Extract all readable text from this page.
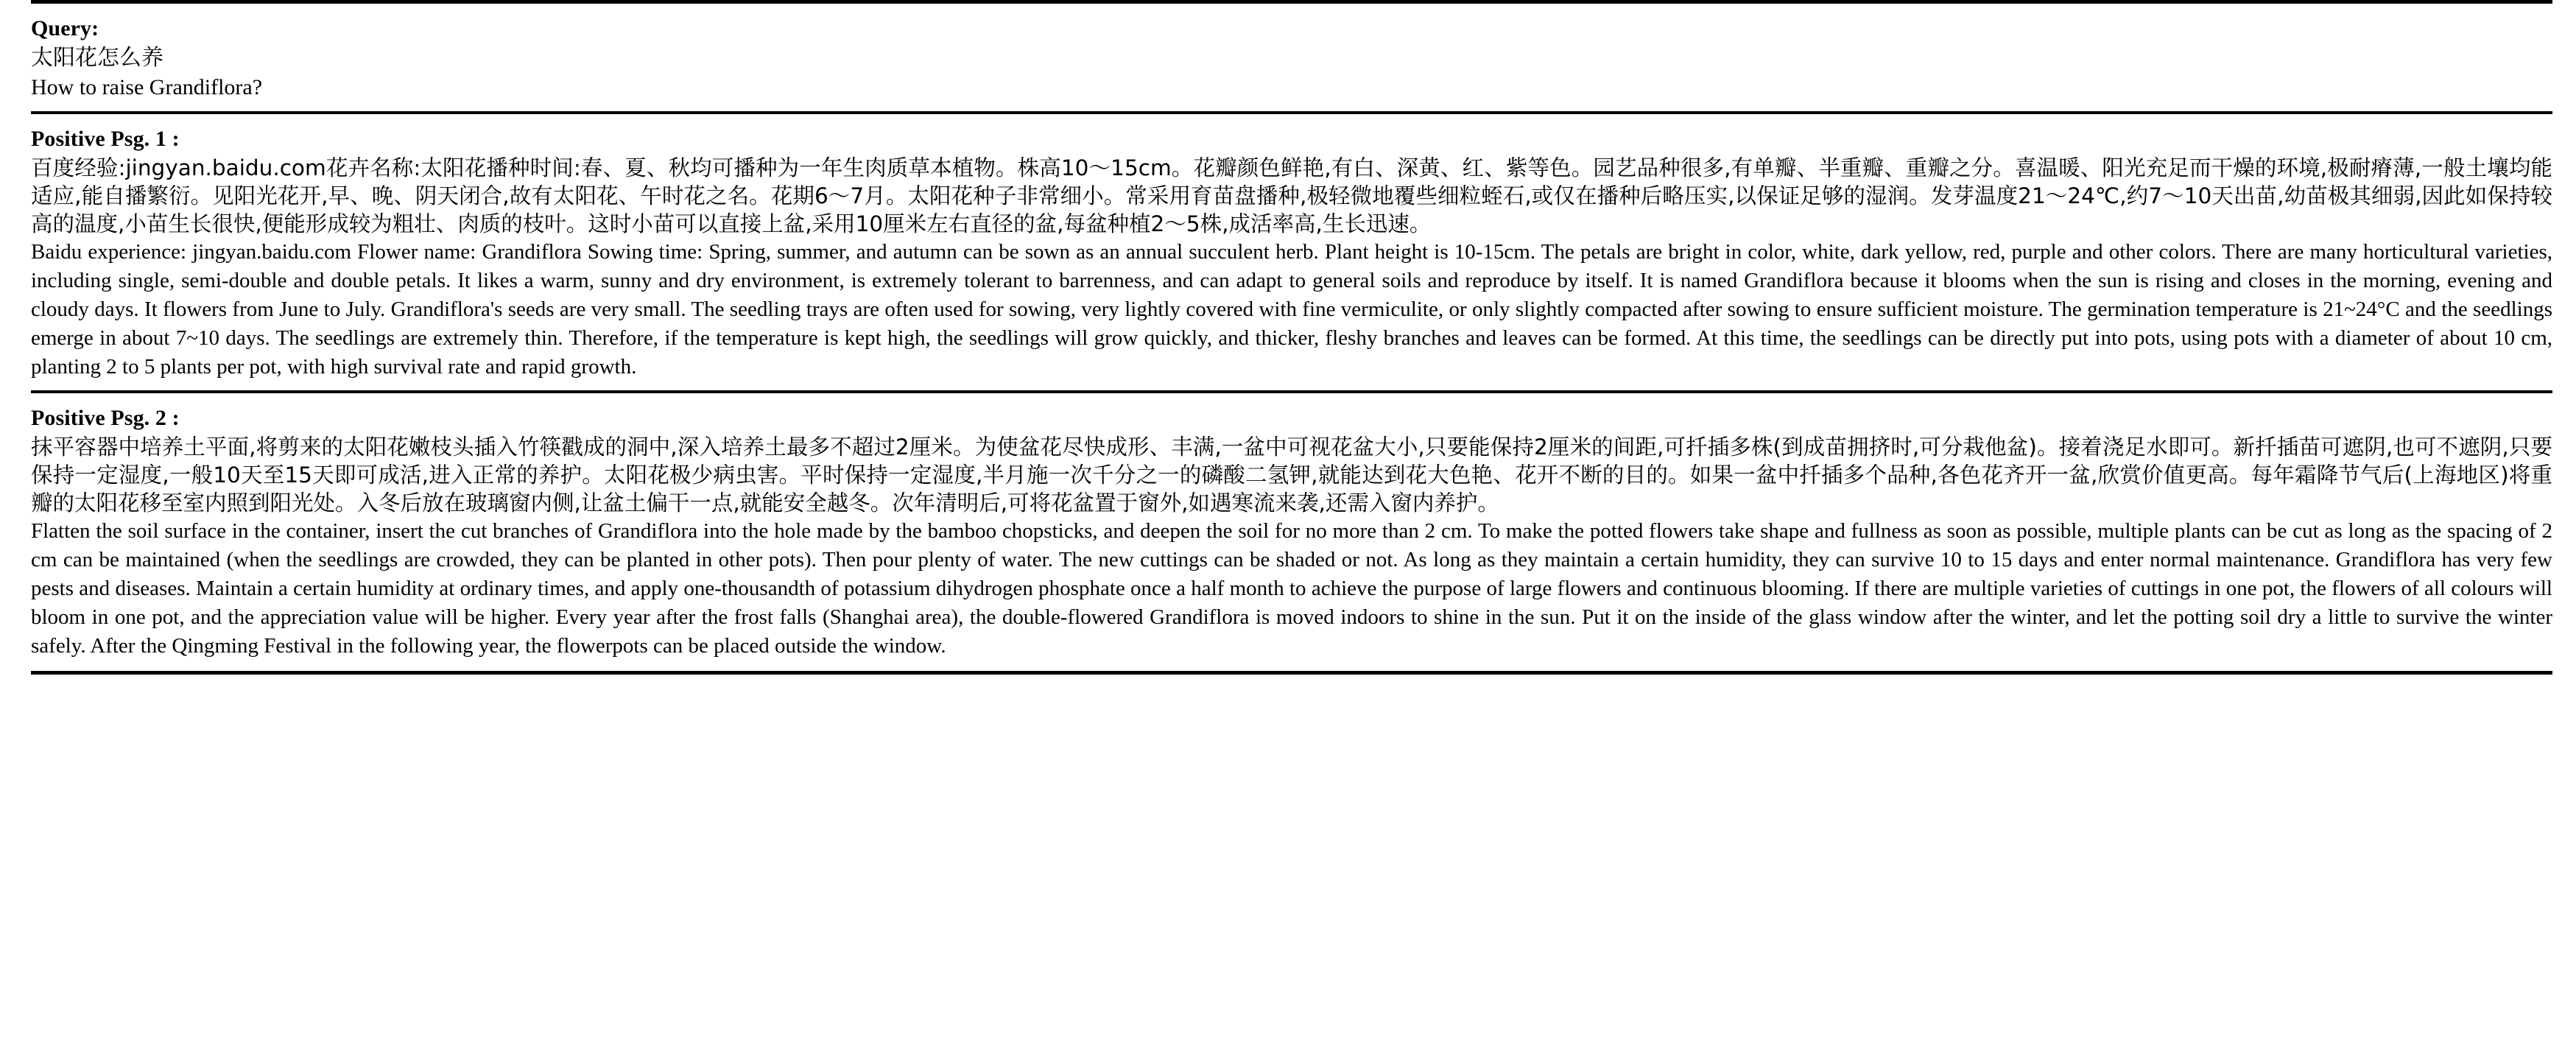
Query:

太阳花怎么养

How to raise Grandiflora?

Positive Psg. 1 :

百度经验:jingyan.baidu.com花卉名称:太阳花播种时间:春、夏、秋均可播种为一年生肉质草本植物。株高10～15cm。花瓣颜色鲜艳,有白、深黄、红、紫等色。园艺品种很多,有单瓣、半重瓣、重瓣之分。喜温暖、阳光充足而干燥的环境,极耐瘠薄,一般土壤均能适应,能自播繁衍。见阳光花开,早、晚、阴天闭合,故有太阳花、午时花之名。花期6～7月。太阳花种子非常细小。常采用育苗盘播种,极轻微地覆些细粒蛭石,或仅在播种后略压实,以保证足够的湿润。发芽温度21～24℃,约7～10天出苗,幼苗极其细弱,因此如保持较高的温度,小苗生长很快,便能形成较为粗壮、肉质的枝叶。这时小苗可以直接上盆,采用10厘米左右直径的盆,每盆种植2～5株,成活率高,生长迅速。

Baidu experience: jingyan.baidu.com Flower name: Grandiflora Sowing time: Spring, summer, and autumn can be sown as an annual succulent herb. Plant height is 10-15cm. The petals are bright in color, white, dark yellow, red, purple and other colors. There are many horticultural varieties, including single, semi-double and double petals. It likes a warm, sunny and dry environment, is extremely tolerant to barrenness, and can adapt to general soils and reproduce by itself. It is named Grandiflora because it blooms when the sun is rising and closes in the morning, evening and cloudy days. It flowers from June to July. Grandiflora's seeds are very small. The seedling trays are often used for sowing, very lightly covered with fine vermiculite, or only slightly compacted after sowing to ensure sufficient moisture. The germination temperature is 21~24°C and the seedlings emerge in about 7~10 days. The seedlings are extremely thin. Therefore, if the temperature is kept high, the seedlings will grow quickly, and thicker, fleshy branches and leaves can be formed. At this time, the seedlings can be directly put into pots, using pots with a diameter of about 10 cm, planting 2 to 5 plants per pot, with high survival rate and rapid growth.

Positive Psg. 2 :

抹平容器中培养土平面,将剪来的太阳花嫩枝头插入竹筷戳成的洞中,深入培养土最多不超过2厘米。为使盆花尽快成形、丰满,一盆中可视花盆大小,只要能保持2厘米的间距,可扦插多株(到成苗拥挤时,可分栽他盆)。接着浇足水即可。新扦插苗可遮阴,也可不遮阴,只要保持一定湿度,一般10天至15天即可成活,进入正常的养护。太阳花极少病虫害。平时保持一定湿度,半月施一次千分之一的磷酸二氢钾,就能达到花大色艳、花开不断的目的。如果一盆中扦插多个品种,各色花齐开一盆,欣赏价值更高。每年霜降节气后(上海地区)将重瓣的太阳花移至室内照到阳光处。入冬后放在玻璃窗内侧,让盆土偏干一点,就能安全越冬。次年清明后,可将花盆置于窗外,如遇寒流来袭,还需入窗内养护。

Flatten the soil surface in the container, insert the cut branches of Grandiflora into the hole made by the bamboo chopsticks, and deepen the soil for no more than 2 cm. To make the potted flowers take shape and fullness as soon as possible, multiple plants can be cut as long as the spacing of 2 cm can be maintained (when the seedlings are crowded, they can be planted in other pots). Then pour plenty of water. The new cuttings can be shaded or not. As long as they maintain a certain humidity, they can survive 10 to 15 days and enter normal maintenance. Grandiflora has very few pests and diseases. Maintain a certain humidity at ordinary times, and apply one-thousandth of potassium dihydrogen phosphate once a half month to achieve the purpose of large flowers and continuous blooming. If there are multiple varieties of cuttings in one pot, the flowers of all colours will bloom in one pot, and the appreciation value will be higher. Every year after the frost falls (Shanghai area), the double-flowered Grandiflora is moved indoors to shine in the sun. Put it on the inside of the glass window after the winter, and let the potting soil dry a little to survive the winter safely. After the Qingming Festival in the following year, the flowerpots can be placed outside the window.
